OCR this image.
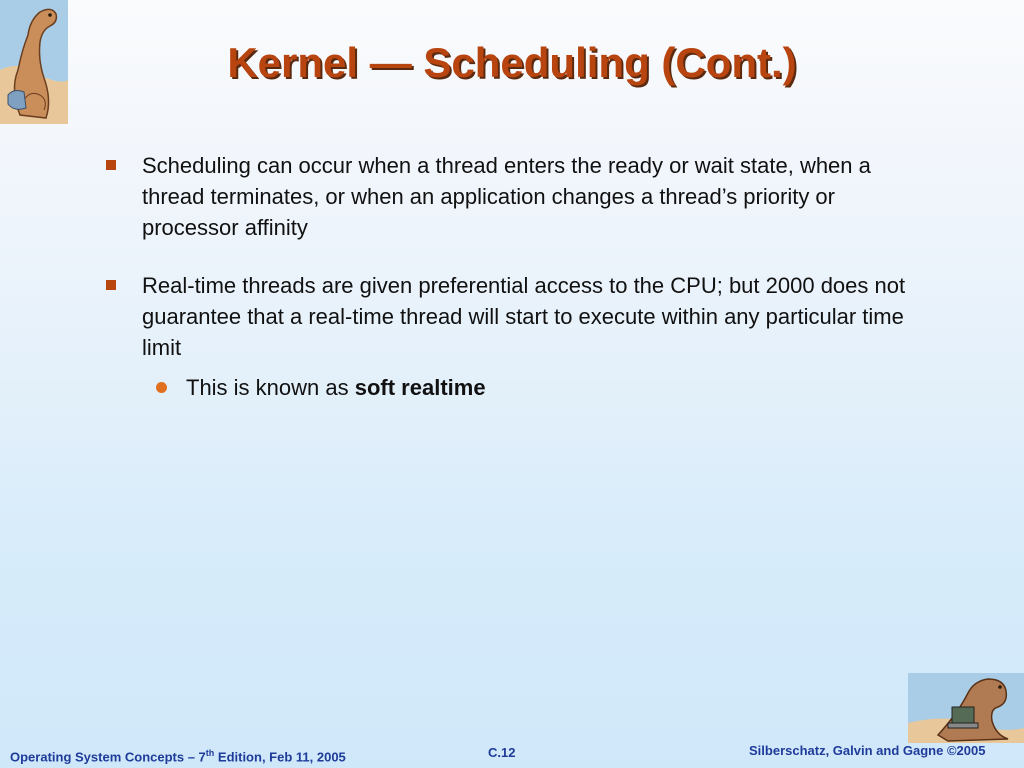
Kernel — Scheduling (Cont.)
Scheduling can occur when a thread enters the ready or wait state, when a thread terminates, or when an application changes a thread’s priority or processor affinity
Real-time threads are given preferential access to the CPU; but 2000 does not guarantee that a real-time thread will start to execute within any particular time limit
This is known as soft realtime
Operating System Concepts – 7th Edition, Feb 11, 2005	C.12	Silberschatz, Galvin and Gagne ©2005
